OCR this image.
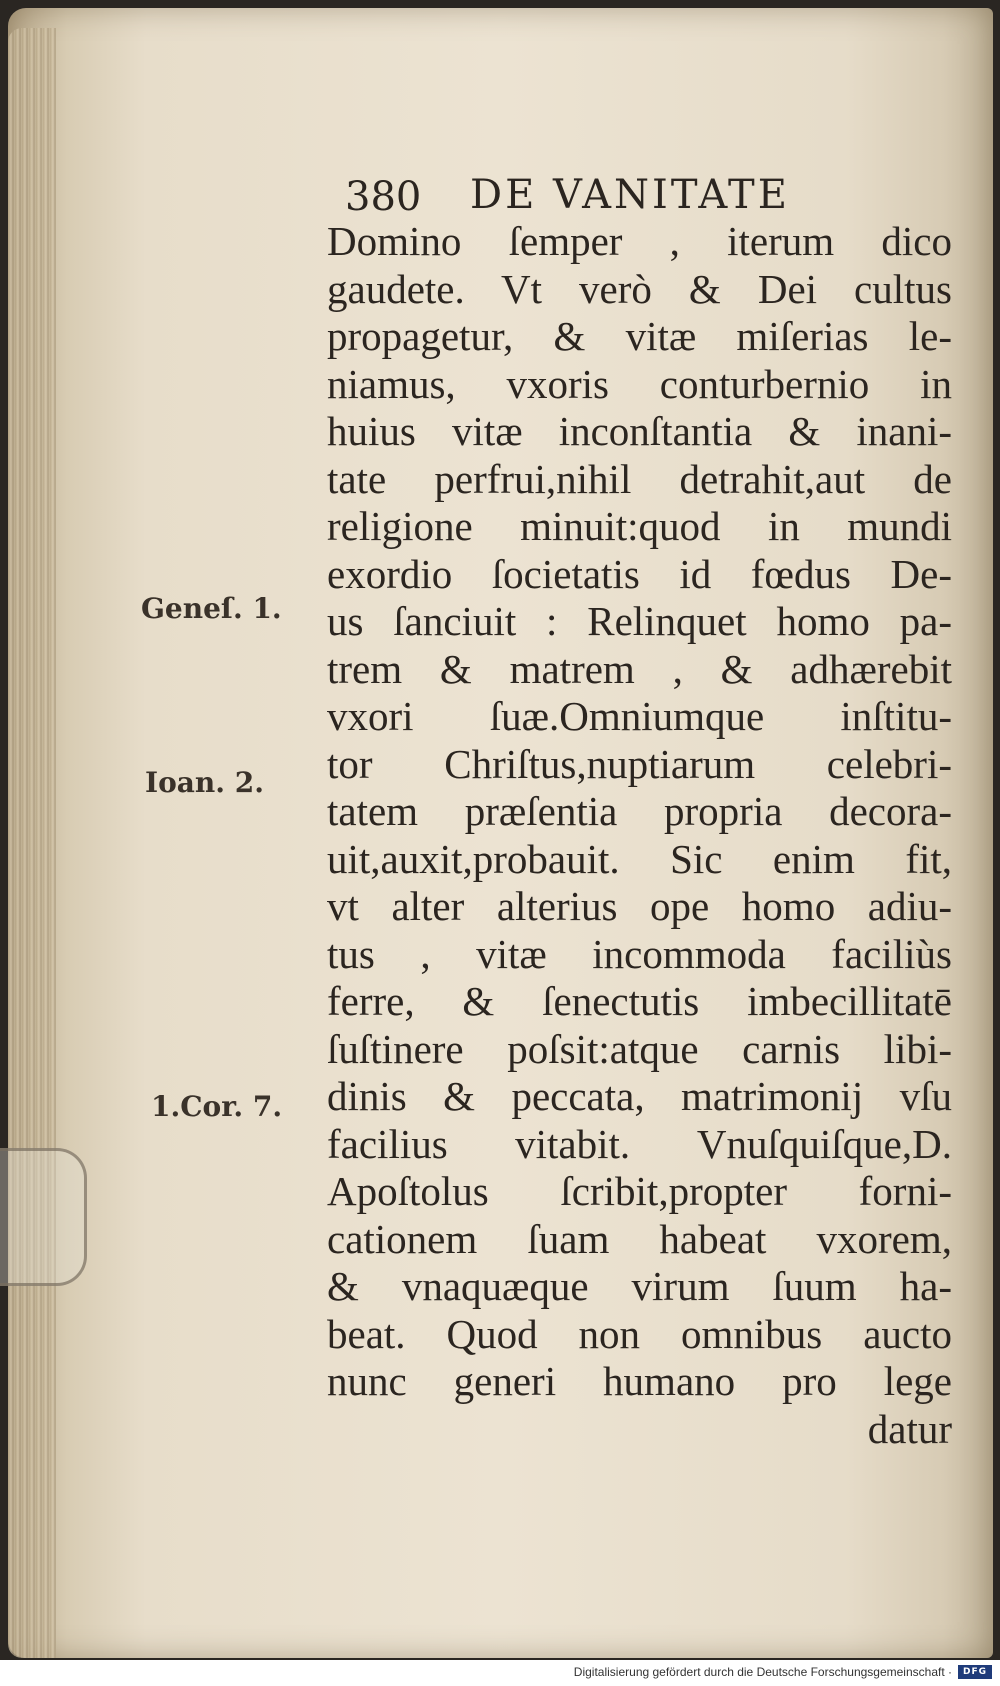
380 DE VANITATE
Geneſ. 1.
Ioan. 2.
1.Cor. 7.
Domino ſemper , iterum dico
gaudete. Vt verò & Dei cultus
propagetur, & vitæ miſerias le-
niamus, vxoris conturbernio in
huius vitæ inconſtantia & inani-
tate perfrui,nihil detrahit,aut de
religione minuit:quod in mundi
exordio ſocietatis id fœdus De-
us ſanciuit : Relinquet homo pa-
trem & matrem , & adhærebit
vxori ſuæ.Omniumque inſtitu-
tor Chriſtus,nuptiarum celebri-
tatem præſentia propria decora-
uit,auxit,probauit. Sic enim fit,
vt alter alterius ope homo adiu-
tus , vitæ incommoda faciliùs
ferre, & ſenectutis imbecillitatē
ſuſtinere poſsit:atque carnis libi-
dinis & peccata, matrimonij vſu
facilius vitabit. Vnuſquiſque,D.
Apoſtolus ſcribit,propter forni-
cationem ſuam habeat vxorem,
& vnaquæque virum ſuum ha-
beat. Quod non omnibus aucto
nunc generi humano pro lege
datur
Digitalisierung gefördert durch die Deutsche Forschungsgemeinschaft ·	DFG
